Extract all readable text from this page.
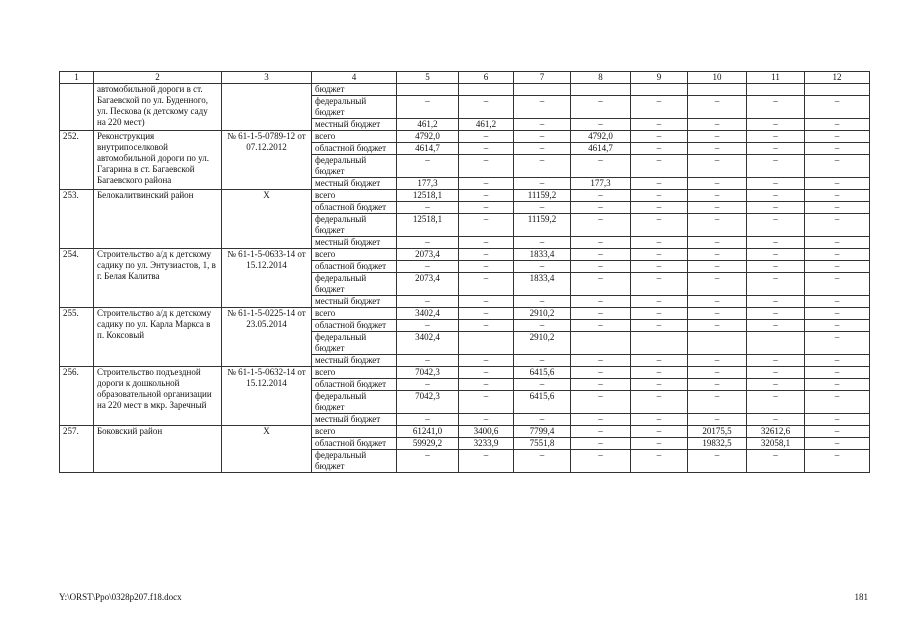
1	2	3	4	5	6	7	8	9	10	11	12
	автомобильной дороги в ст. Багаевской по ул. Буденного, ул. Пескова (к детскому саду на 220 мест)		бюджет								
			федеральный бюджет	–	–	–	–	–	–	–	–
			местный бюджет	461,2	461,2	–	–	–	–	–	–
252.	Реконструкция внутрипоселковой автомобильной дороги по ул. Гагарина в ст. Багаевской Багаевского района	№ 61-1-5-0789-12 от 07.12.2012	всего	4792,0	–	–	4792,0	–	–	–	–
			областной бюджет	4614,7	–	–	4614,7	–	–	–	–
			федеральный бюджет	–	–	–	–	–	–	–	–
			местный бюджет	177,3	–	–	177,3	–	–	–	–
253.	Белокалитвинский район	Х	всего	12518,1	–	11159,2	–	–	–	–	–
			областной бюджет	–	–	–	–	–	–	–	–
			федеральный бюджет	12518,1	–	11159,2	–	–	–	–	–
			местный бюджет	–	–	–	–	–	–	–	–
254.	Строительство а/д к детскому садику по ул. Энтузиастов, 1, в г. Белая Калитва	№ 61-1-5-0633-14 от 15.12.2014	всего	2073,4	–	1833,4	–	–	–	–	–
			областной бюджет	–	–	–	–	–	–	–	–
			федеральный бюджет	2073,4	–	1833,4	–	–	–	–	–
			местный бюджет	–	–	–	–	–	–	–	–
255.	Строительство а/д к детскому садику по ул. Карла Маркса в п. Коксовый	№ 61-1-5-0225-14 от 23.05.2014	всего	3402,4	–	2910,2	–	–	–	–	–
			областной бюджет	–	–	–	–	–	–	–	–
			федеральный бюджет	3402,4		2910,2					–
			местный бюджет	–	–	–	–	–	–	–	–
256.	Строительство подъездной дороги к дошкольной образовательной организации на 220 мест в мкр. Заречный	№ 61-1-5-0632-14 от 15.12.2014	всего	7042,3	–	6415,6	–	–	–	–	–
			областной бюджет	–	–	–	–	–	–	–	–
			федеральный бюджет	7042,3	–	6415,6	–	–	–	–	–
			местный бюджет	–	–	–	–	–	–	–	–
257.	Боковский район	Х	всего	61241,0	3400,6	7799,4	–	–	20175,5	32612,6	–
			областной бюджет	59929,2	3233,9	7551,8	–	–	19832,5	32058,1	–
			федеральный бюджет	–	–	–	–	–	–	–	–
Y:\ORST\Ppo\0328p207.f18.docx	181
